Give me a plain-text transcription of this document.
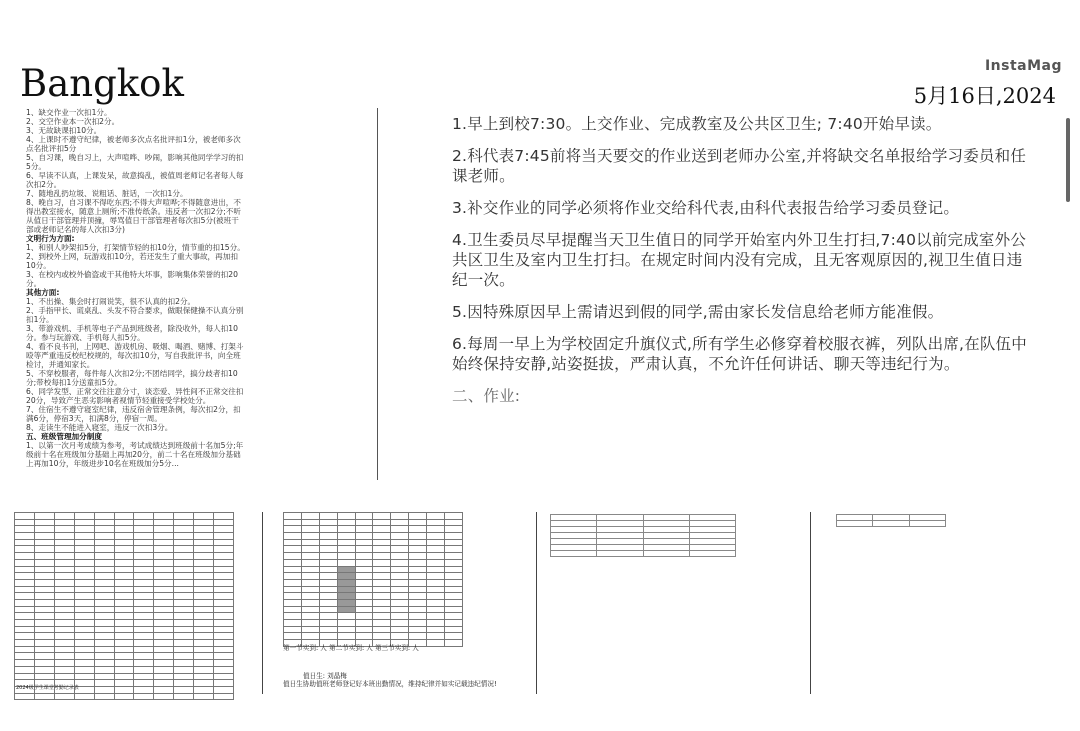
InstaMag
Bangkok	5月16日,2024
1、缺交作业一次扣1分。
2、交空作业本一次扣2分。
3、无故缺课扣10分。
4、上课时不遵守纪律，被老师多次点名批评扣1分，被老师多次
点名批评扣5分
5、自习课，晚自习上，大声喧哗、吵闹，影响其他同学学习的扣
5分。
6、早读不认真，上课发呆，故意捣乱，被值周老师记名者每人每
次扣2分。
7、随地乱扔垃圾、说粗话、脏话，一次扣1分。
8、晚自习，自习课不得吃东西;不得大声喧哗;不得随意进出，不
得出教室接水，随意上厕所;不准传纸条。违反者一次扣2分;不听
从值日干部管理并顶撞，辱骂值日干部管理者每次扣5分(被班干
部或老师记名的每人次扣3分)
文明行为方面:
1、和别人吵架扣5分，打架情节轻的扣10分，情节重的扣15分。
2、到校外上网，玩游戏扣10分，若还发生了重大事故，再加扣
10分。
3、在校内或校外偷盗或干其他特大坏事，影响集体荣誉的扣20
分。
其他方面:
1、不出操、集会时打闹说笑，很不认真的扣2分。
2、手指甲长、谎桌乱、头发不符合要求，做眼保健操不认真分别
扣1分。
3、带游戏机、手机等电子产品到班级者，除没收外，每人扣10
分。参与玩游戏、手机每人扣5分。
4、看不良书刊，上网吧、游戏机房、吸烟、喝酒、赌博、打架斗
殴等严重违反校纪校规的，每次扣10分，写自我批评书，向全班
检讨，并通知家长。
5、不穿校服者，每件每人次扣2分;不团结同学，搞分歧者扣10
分;带校每扣1分送童扣5分。
6、同学发型、正常交往注意分寸，谈恋爱、异性间不正常交往扣
20分，导致产生恶劣影响者视情节轻重接受学校处分。
7、住宿生不遵守寝室纪律，违反宿舍管理条例，每次扣2分，扣
满6分，停宿3天，扣满8分，停宿一周。
8、走读生不能进入寝室，违反一次扣3分。
五、班级管理加分制度
1、以第一次月考成绩为参考，考试成绩达到班级前十名加5分;年
级前十名在班级加分基础上再加20分，前二十名在班级加分基础
上再加10分，年级进步10名在班级加分5分...

1.早上到校7:30。上交作业、完成教室及公共区卫生; 7:40开始早读。

2.科代表7:45前将当天要交的作业送到老师办公室,并将缺交名单报给学习委员和任课老师。

3.补交作业的同学必须将作业交给科代表,由科代表报告给学习委员登记。

4.卫生委员尽早提醒当天卫生值日的同学开始室内外卫生打扫,7:40以前完成室外公共区卫生及室内卫生打扫。在规定时间内没有完成，且无客观原因的,视卫生值日违纪一次。

5.因特殊原因早上需请迟到假的同学,需由家长发信息给老师方能准假。

6.每周一早上为学校固定升旗仪式,所有学生必修穿着校服衣裤，列队出席,在队伍中始终保持安静,站姿挺拔，严肃认真，不允许任何讲话、聊天等违纪行为。

二、作业:

2024级学生课堂考勤记录表

第一节实到: 人 第二节实到: 人 第三节实到: 人
值日生: 刘晶梅
值日生协助值班老师登记好本班出勤情况，维持纪律并如实记载违纪情况!
